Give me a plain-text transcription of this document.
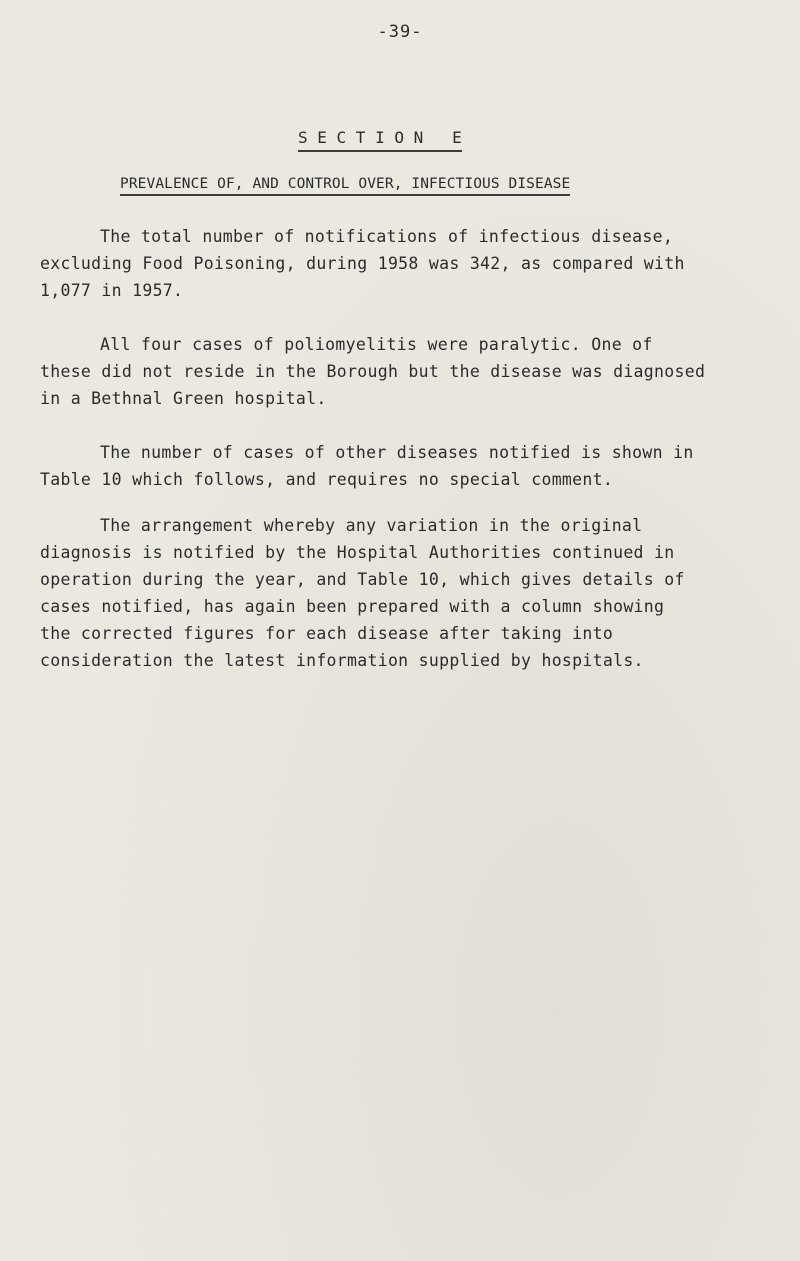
-39-
S E C T I O N   E
PREVALENCE OF, AND CONTROL OVER, INFECTIOUS DISEASE
The total number of notifications of infectious disease,
excluding Food Poisoning, during 1958 was 342, as compared with
1,077 in 1957.
All four cases of poliomyelitis were paralytic. One of
these did not reside in the Borough but the disease was diagnosed
in a Bethnal Green hospital.
The number of cases of other diseases notified is shown in
Table 10 which follows, and requires no special comment.
The arrangement whereby any variation in the original
diagnosis is notified by the Hospital Authorities continued in
operation during the year, and Table 10, which gives details of
cases notified, has again been prepared with a column showing
the corrected figures for each disease after taking into
consideration the latest information supplied by hospitals.
